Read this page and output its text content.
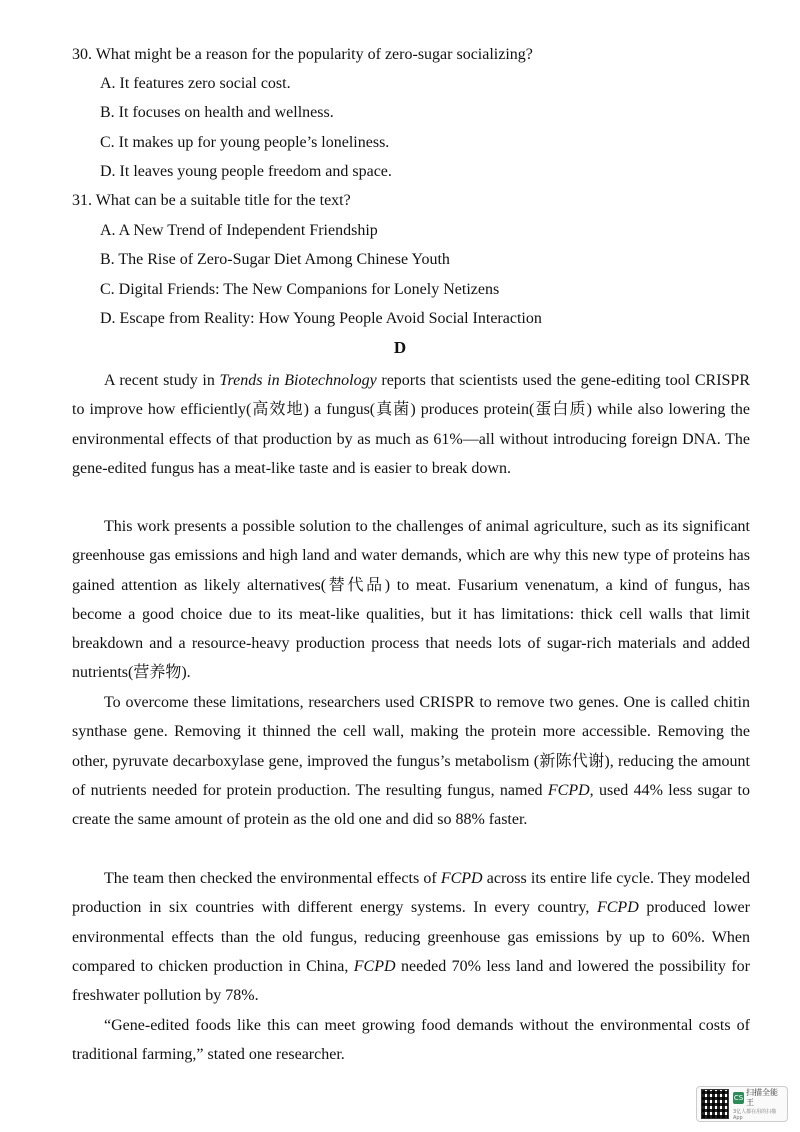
30. What might be a reason for the popularity of zero-sugar socializing?
A. It features zero social cost.
B. It focuses on health and wellness.
C. It makes up for young people’s loneliness.
D. It leaves young people freedom and space.
31. What can be a suitable title for the text?
A. A New Trend of Independent Friendship
B. The Rise of Zero-Sugar Diet Among Chinese Youth
C. Digital Friends: The New Companions for Lonely Netizens
D. Escape from Reality: How Young People Avoid Social Interaction
D
A recent study in Trends in Biotechnology reports that scientists used the gene-editing tool CRISPR to improve how efficiently(高效地) a fungus(真菌) produces protein(蛋白质) while also lowering the environmental effects of that production by as much as 61%—all without introducing foreign DNA. The gene-edited fungus has a meat-like taste and is easier to break down.
This work presents a possible solution to the challenges of animal agriculture, such as its significant greenhouse gas emissions and high land and water demands, which are why this new type of proteins has gained attention as likely alternatives(替代品) to meat. Fusarium venenatum, a kind of fungus, has become a good choice due to its meat-like qualities, but it has limitations: thick cell walls that limit breakdown and a resource-heavy production process that needs lots of sugar-rich materials and added nutrients(营养物).
To overcome these limitations, researchers used CRISPR to remove two genes. One is called chitin synthase gene. Removing it thinned the cell wall, making the protein more accessible. Removing the other, pyruvate decarboxylase gene, improved the fungus’s metabolism (新陈代谢), reducing the amount of nutrients needed for protein production. The resulting fungus, named FCPD, used 44% less sugar to create the same amount of protein as the old one and did so 88% faster.
The team then checked the environmental effects of FCPD across its entire life cycle. They modeled production in six countries with different energy systems. In every country, FCPD produced lower environmental effects than the old fungus, reducing greenhouse gas emissions by up to 60%. When compared to chicken production in China, FCPD needed 70% less land and lowered the possibility for freshwater pollution by 78%.
“Gene-edited foods like this can meet growing food demands without the environmental costs of traditional farming,” stated one researcher.
CS
扫描全能王
3亿人都在用的扫描App
